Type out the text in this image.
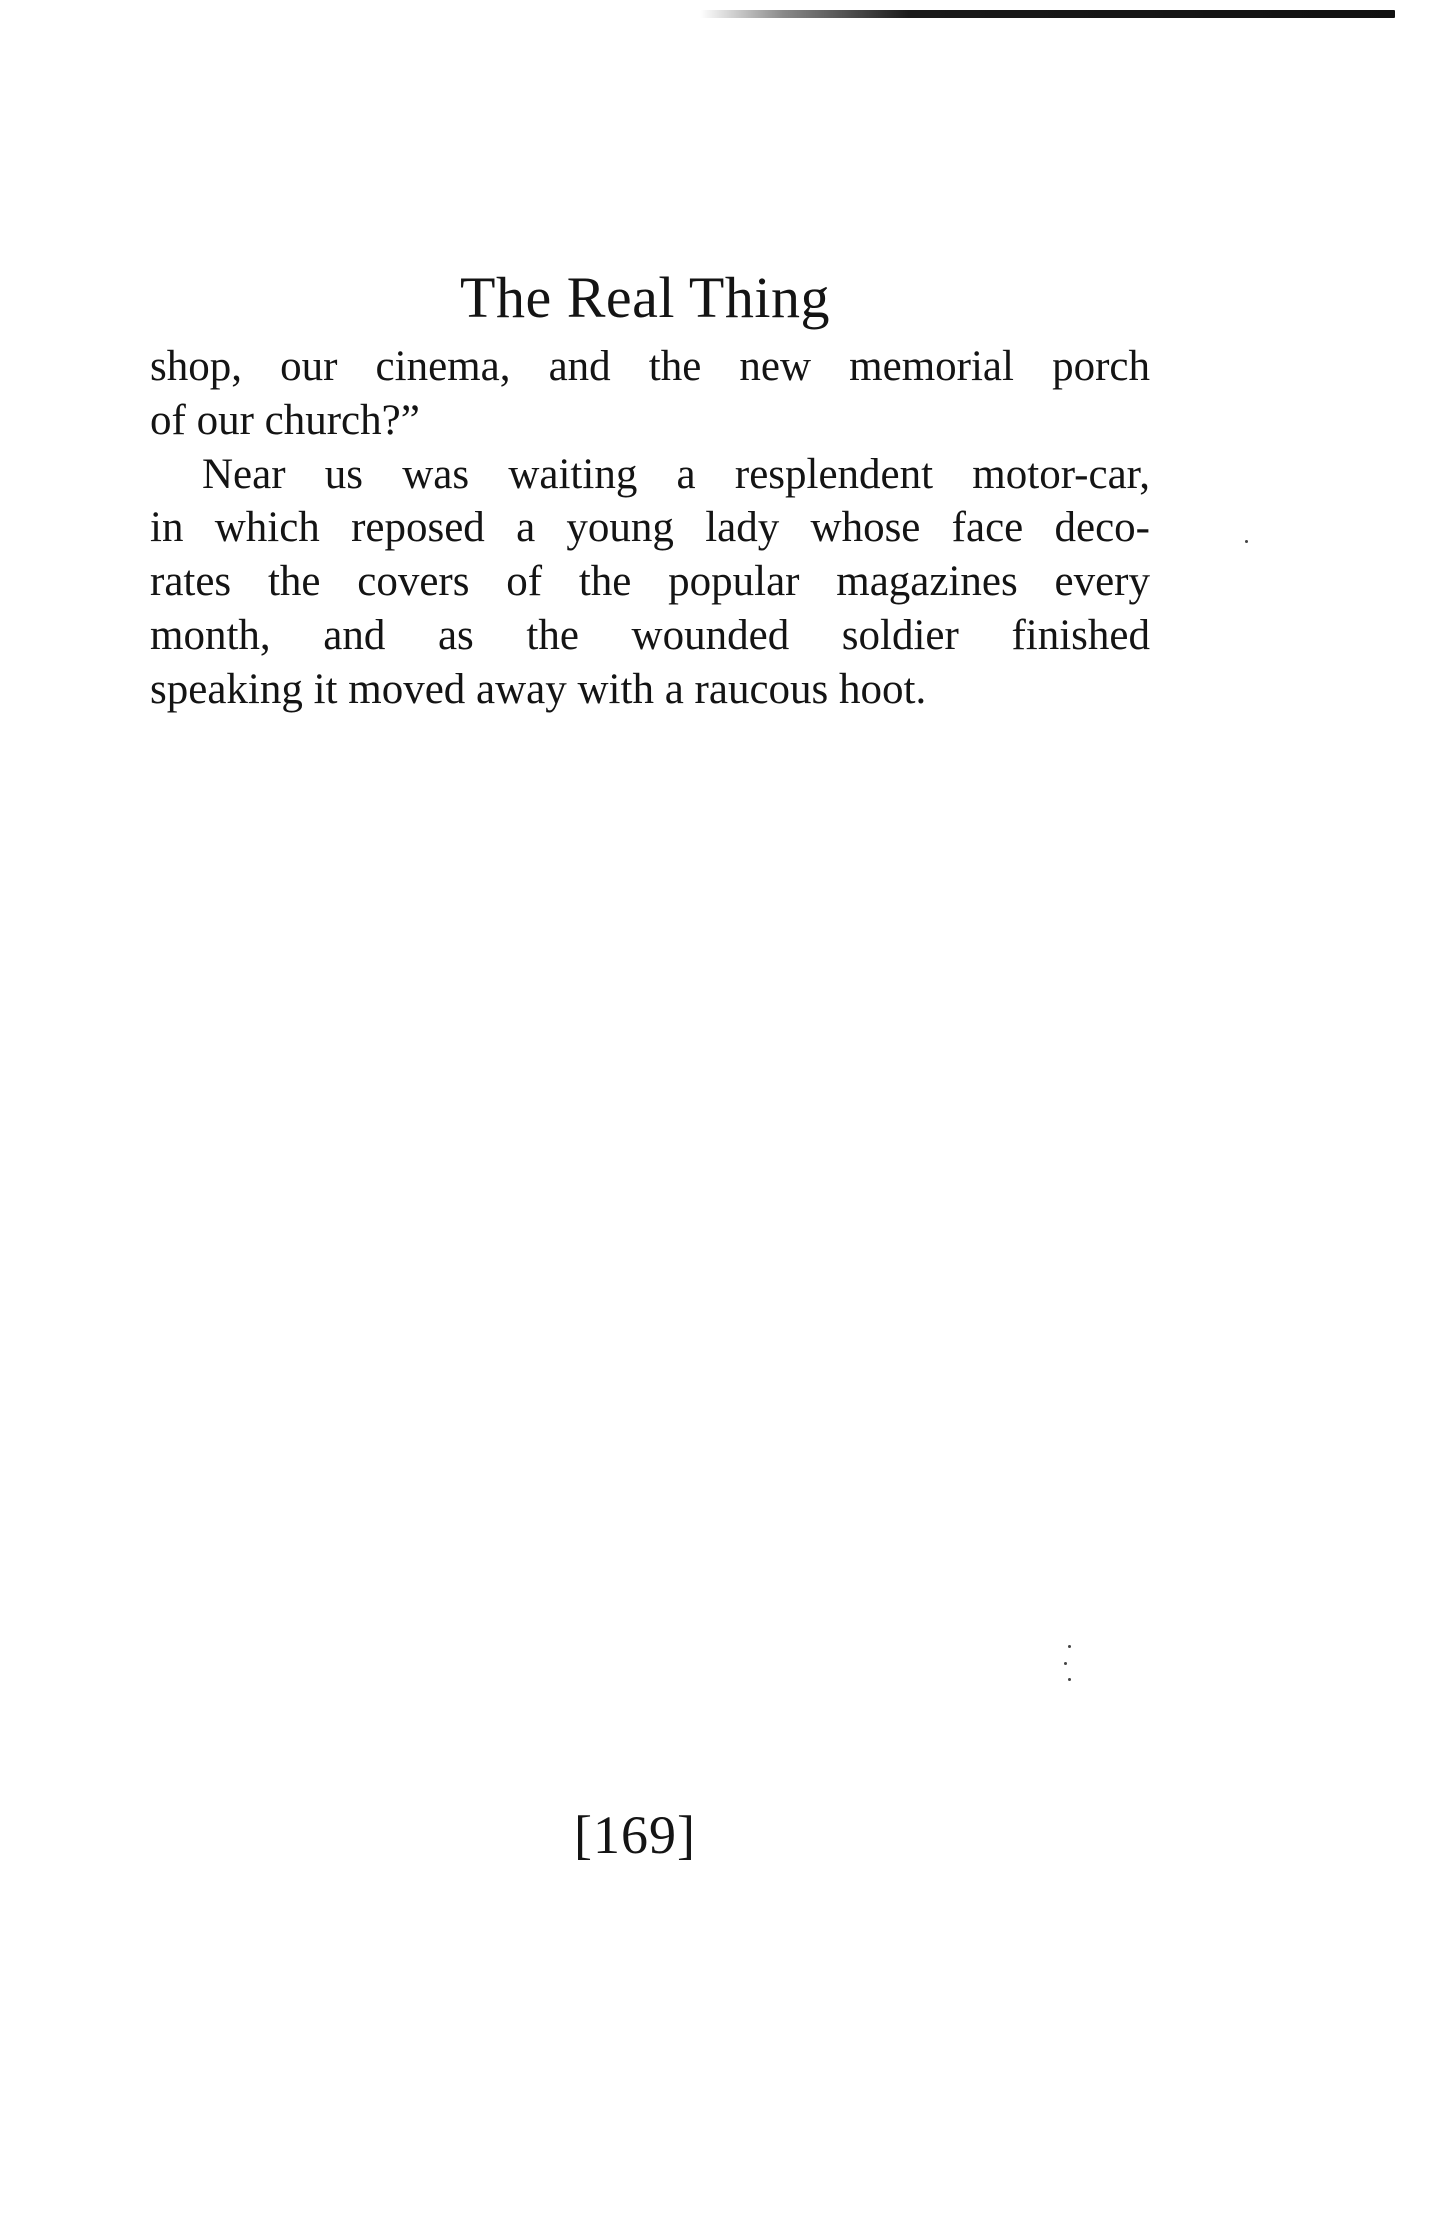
The Real Thing
shop, our cinema, and the new memorial porch
of our church?”
Near us was waiting a resplendent motor-car,
in which reposed a young lady whose face deco-
rates the covers of the popular magazines every
month, and as the wounded soldier finished
speaking it moved away with a raucous hoot.
[169]
